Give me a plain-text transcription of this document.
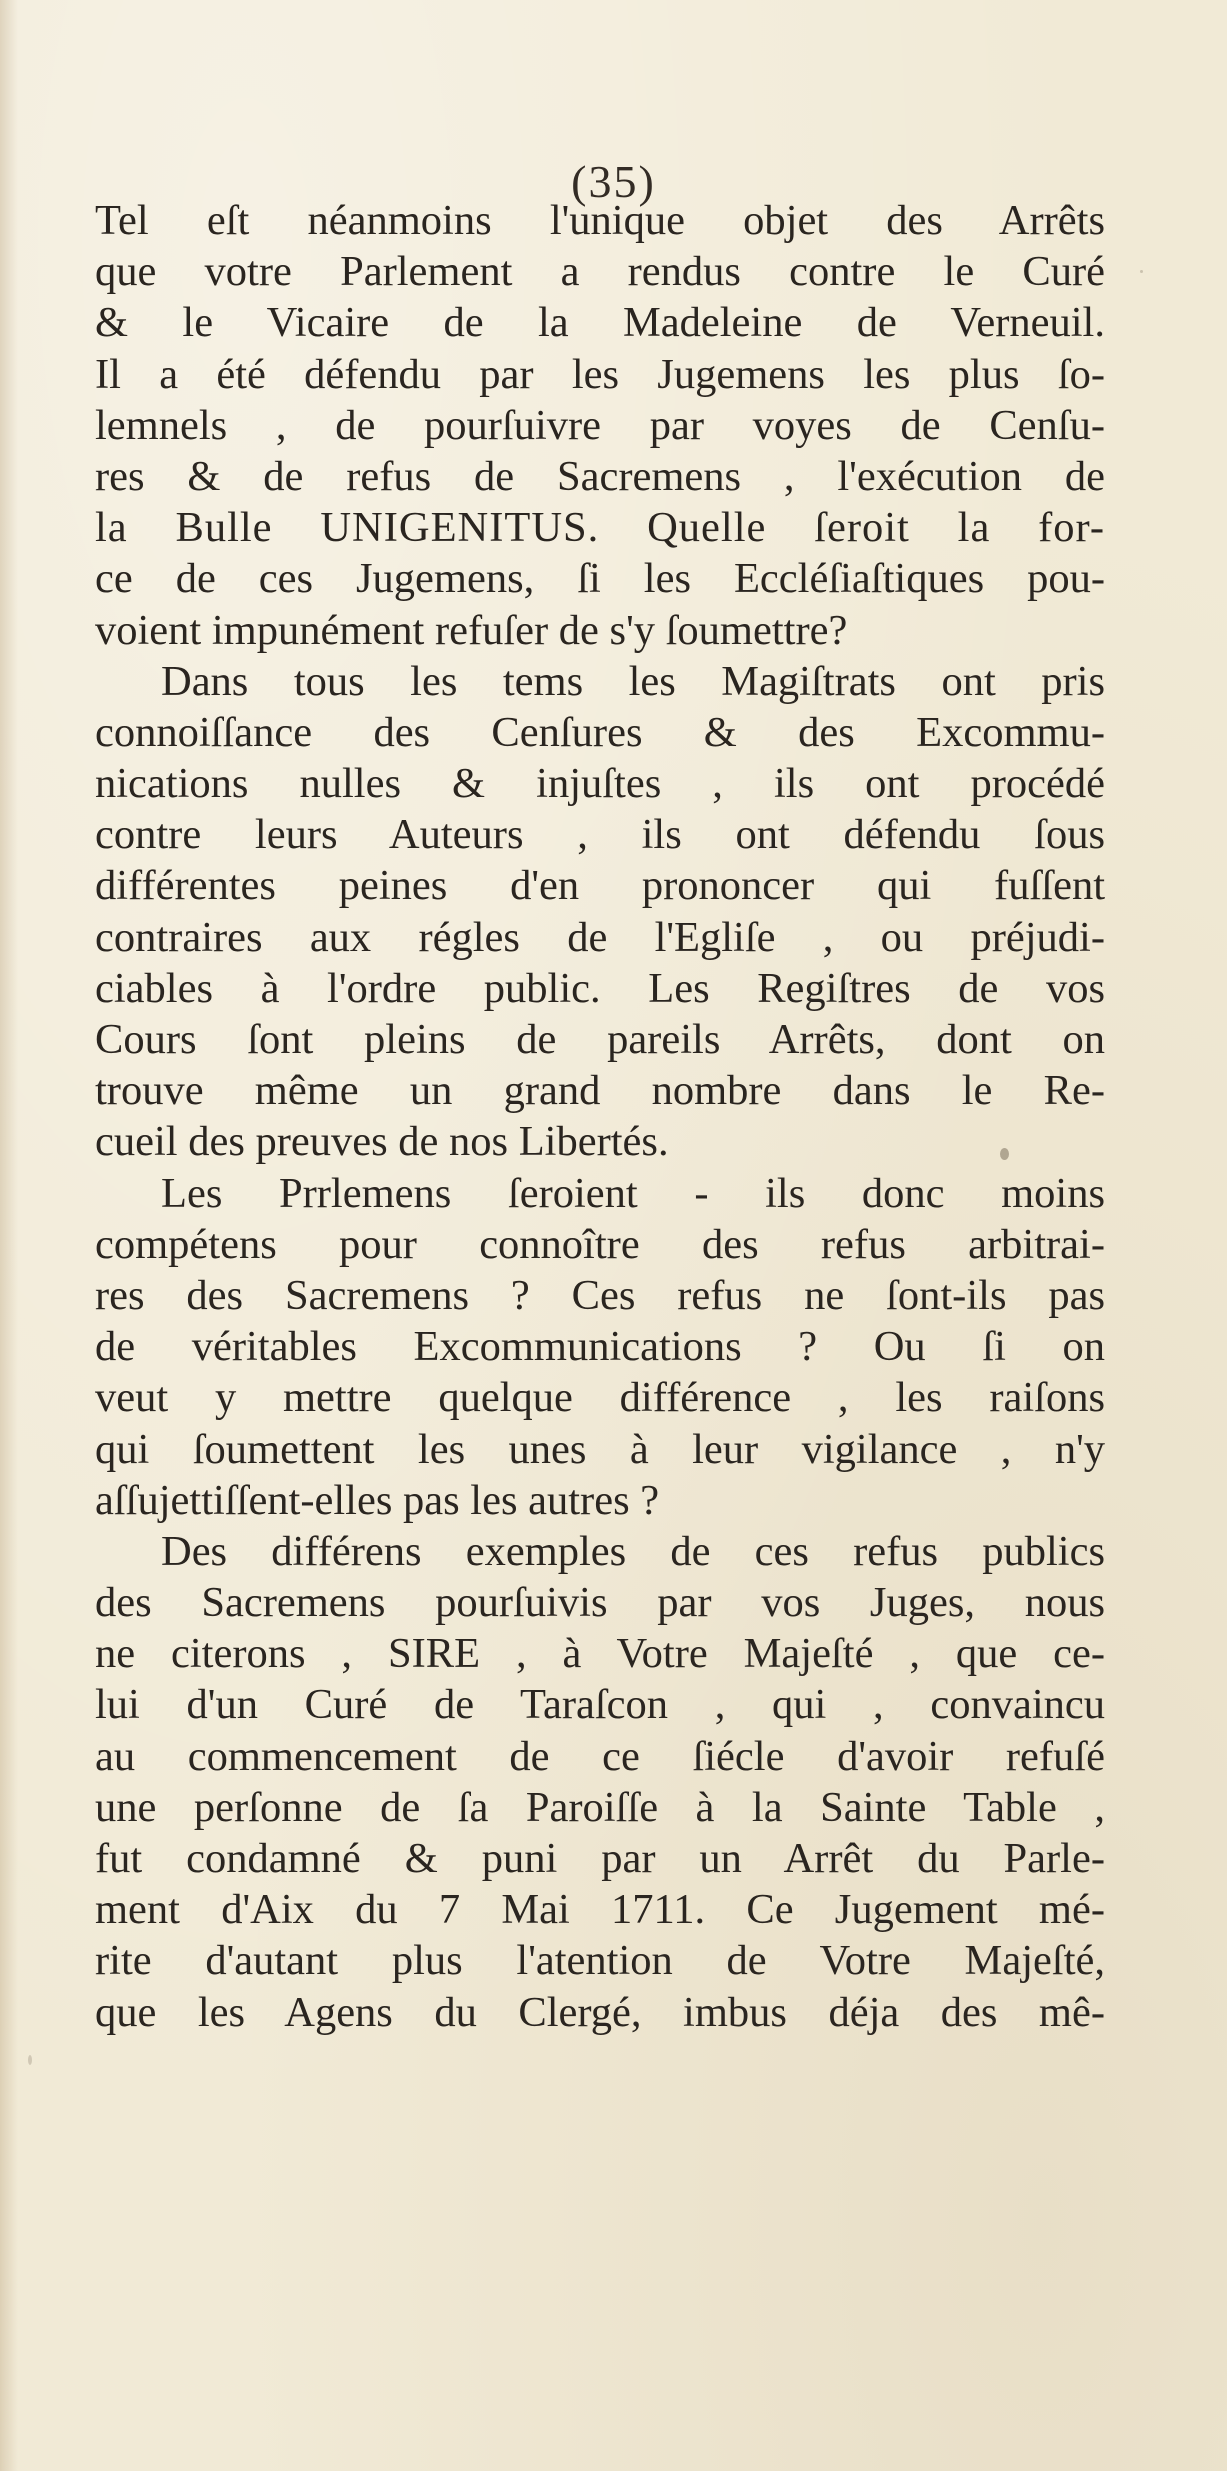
(35)
Tel eſt néanmoins l'unique objet des Arrêts
que votre Parlement a rendus contre le Curé
& le Vicaire de la Madeleine de Verneuil.
Il a été défendu par les Jugemens les plus ſo-
lemnels , de pourſuivre par voyes de Cenſu-
res & de refus de Sacremens , l'exécution de
la Bulle UNIGENITUS. Quelle ſeroit la for-
ce de ces Jugemens, ſi les Eccléſiaſtiques pou-
voient impunément refuſer de s'y ſoumettre?
Dans tous les tems les Magiſtrats ont pris
connoiſſance des Cenſures & des Excommu-
nications nulles & injuſtes , ils ont procédé
contre leurs Auteurs , ils ont défendu ſous
différentes peines d'en prononcer qui fuſſent
contraires aux régles de l'Egliſe , ou préjudi-
ciables à l'ordre public. Les Regiſtres de vos
Cours ſont pleins de pareils Arrêts, dont on
trouve même un grand nombre dans le Re-
cueil des preuves de nos Libertés.
Les Prrlemens ſeroient - ils donc moins
compétens pour connoître des refus arbitrai-
res des Sacremens ? Ces refus ne ſont-ils pas
de véritables Excommunications ? Ou ſi on
veut y mettre quelque différence , les raiſons
qui ſoumettent les unes à leur vigilance , n'y
aſſujettiſſent-elles pas les autres ?
Des différens exemples de ces refus publics
des Sacremens pourſuivis par vos Juges, nous
ne citerons , SIRE , à Votre Majeſté , que ce-
lui d'un Curé de Taraſcon , qui , convaincu
au commencement de ce ſiécle d'avoir refuſé
une perſonne de ſa Paroiſſe à la Sainte Table ,
fut condamné & puni par un Arrêt du Parle-
ment d'Aix du 7 Mai 1711. Ce Jugement mé-
rite d'autant plus l'atention de Votre Majeſté,
que les Agens du Clergé, imbus déja des mê-
